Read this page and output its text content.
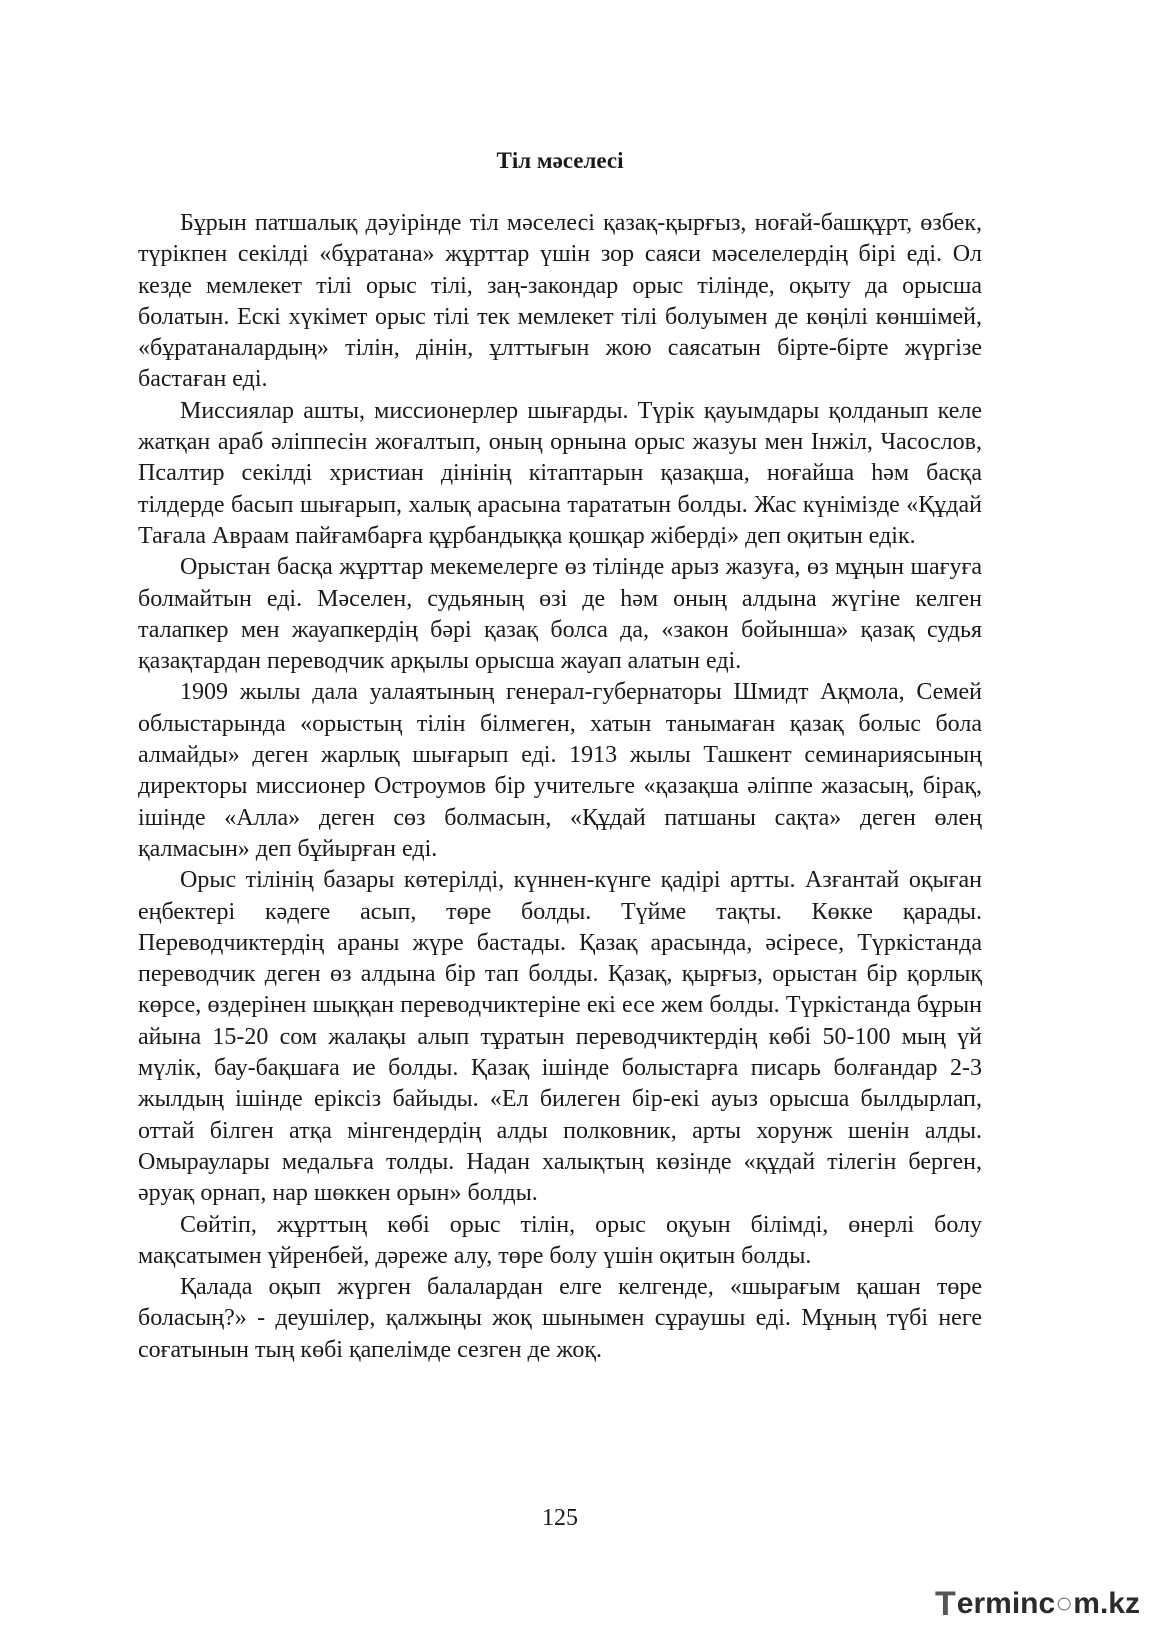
Тіл мәселесі

Бұрын патшалық дәуірінде тіл мәселесі қазақ-қырғыз, ноғай-башқұрт, өзбек, түрікпен секілді «бұратана» жұрттар үшін зор саяси мәселелердің бірі еді. Ол кезде мемлекет тілі орыс тілі, заң-закондар орыс тілінде, оқыту да орысша болатын. Ескі хүкімет орыс тілі тек мемлекет тілі болуымен де көңілі көншімей, «бұратаналардың» тілін, дінін, ұлттығын жою саясатын бірте-бірте жүргізе бастаған еді.

Миссиялар ашты, миссионерлер шығарды. Түрік қауымдары қолданып келе жатқан араб әліппесін жоғалтып, оның орнына орыс жазуы мен Інжіл, Часослов, Псалтир секілді христиан дінінің кітаптарын қазақша, ноғайша һәм басқа тілдерде басып шығарып, халық арасына тарататын болды. Жас күнімізде «Құдай Тағала Авраам пайғамбарға құрбандыққа қошқар жіберді» деп оқитын едік.

Орыстан басқа жұрттар мекемелерге өз тілінде арыз жазуға, өз мұңын шағуға болмайтын еді. Мәселен, судьяның өзі де һәм оның алдына жүгіне келген талапкер мен жауапкердің бәрі қазақ болса да, «закон бойынша» қазақ судья қазақтардан переводчик арқылы орысша жауап алатын еді.

1909 жылы дала уалаятының генерал-губернаторы Шмидт Ақмола, Семей облыстарында «орыстың тілін білмеген, хатын танымаған қазақ болыс бола алмайды» деген жарлық шығарып еді. 1913 жылы Ташкент семинариясының директоры миссионер Остроумов бір учительге «қазақша әліппе жазасың, бірақ, ішінде «Алла» деген сөз болмасын, «Құдай патшаны сақта» деген өлең қалмасын» деп бұйырған еді.

Орыс тілінің базары көтерілді, күннен-күнге қадірі артты. Азғантай оқыған еңбектері кәдеге асып, төре болды. Түйме тақты. Көкке қарады. Переводчиктердің араны жүре бастады. Қазақ арасында, әсіресе, Түркістанда переводчик деген өз алдына бір тап болды. Қазақ, қырғыз, орыстан бір қорлық көрсе, өздерінен шыққан переводчиктеріне екі есе жем болды. Түркістанда бұрын айына 15-20 сом жалақы алып тұратын переводчиктердің көбі 50-100 мың үй мүлік, бау-бақшаға ие болды. Қазақ ішінде болыстарға писарь болғандар 2-3 жылдың ішінде еріксіз байыды. «Ел билеген бір-екі ауыз орысша былдырлап, оттай білген атқа мінгендердің алды полковник, арты хорунж шенін алды. Омыраулары медальға толды. Надан халықтың көзінде «құдай тілегін берген, әруақ орнап, нар шөккен орын» болды.

Сөйтіп, жұрттың көбі орыс тілін, орыс оқуын білімді, өнерлі болу мақсатымен үйренбей, дәреже алу, төре болу үшін оқитын болды.

Қалада оқып жүрген балалардан елге келгенде, «шырағым қашан төре боласың?» - деушілер, қалжыңы жоқ шынымен сұраушы еді. Мұның түбі неге соғатынын тың көбі қапелімде сезген де жоқ.

125
T erminc ○ m.kz
